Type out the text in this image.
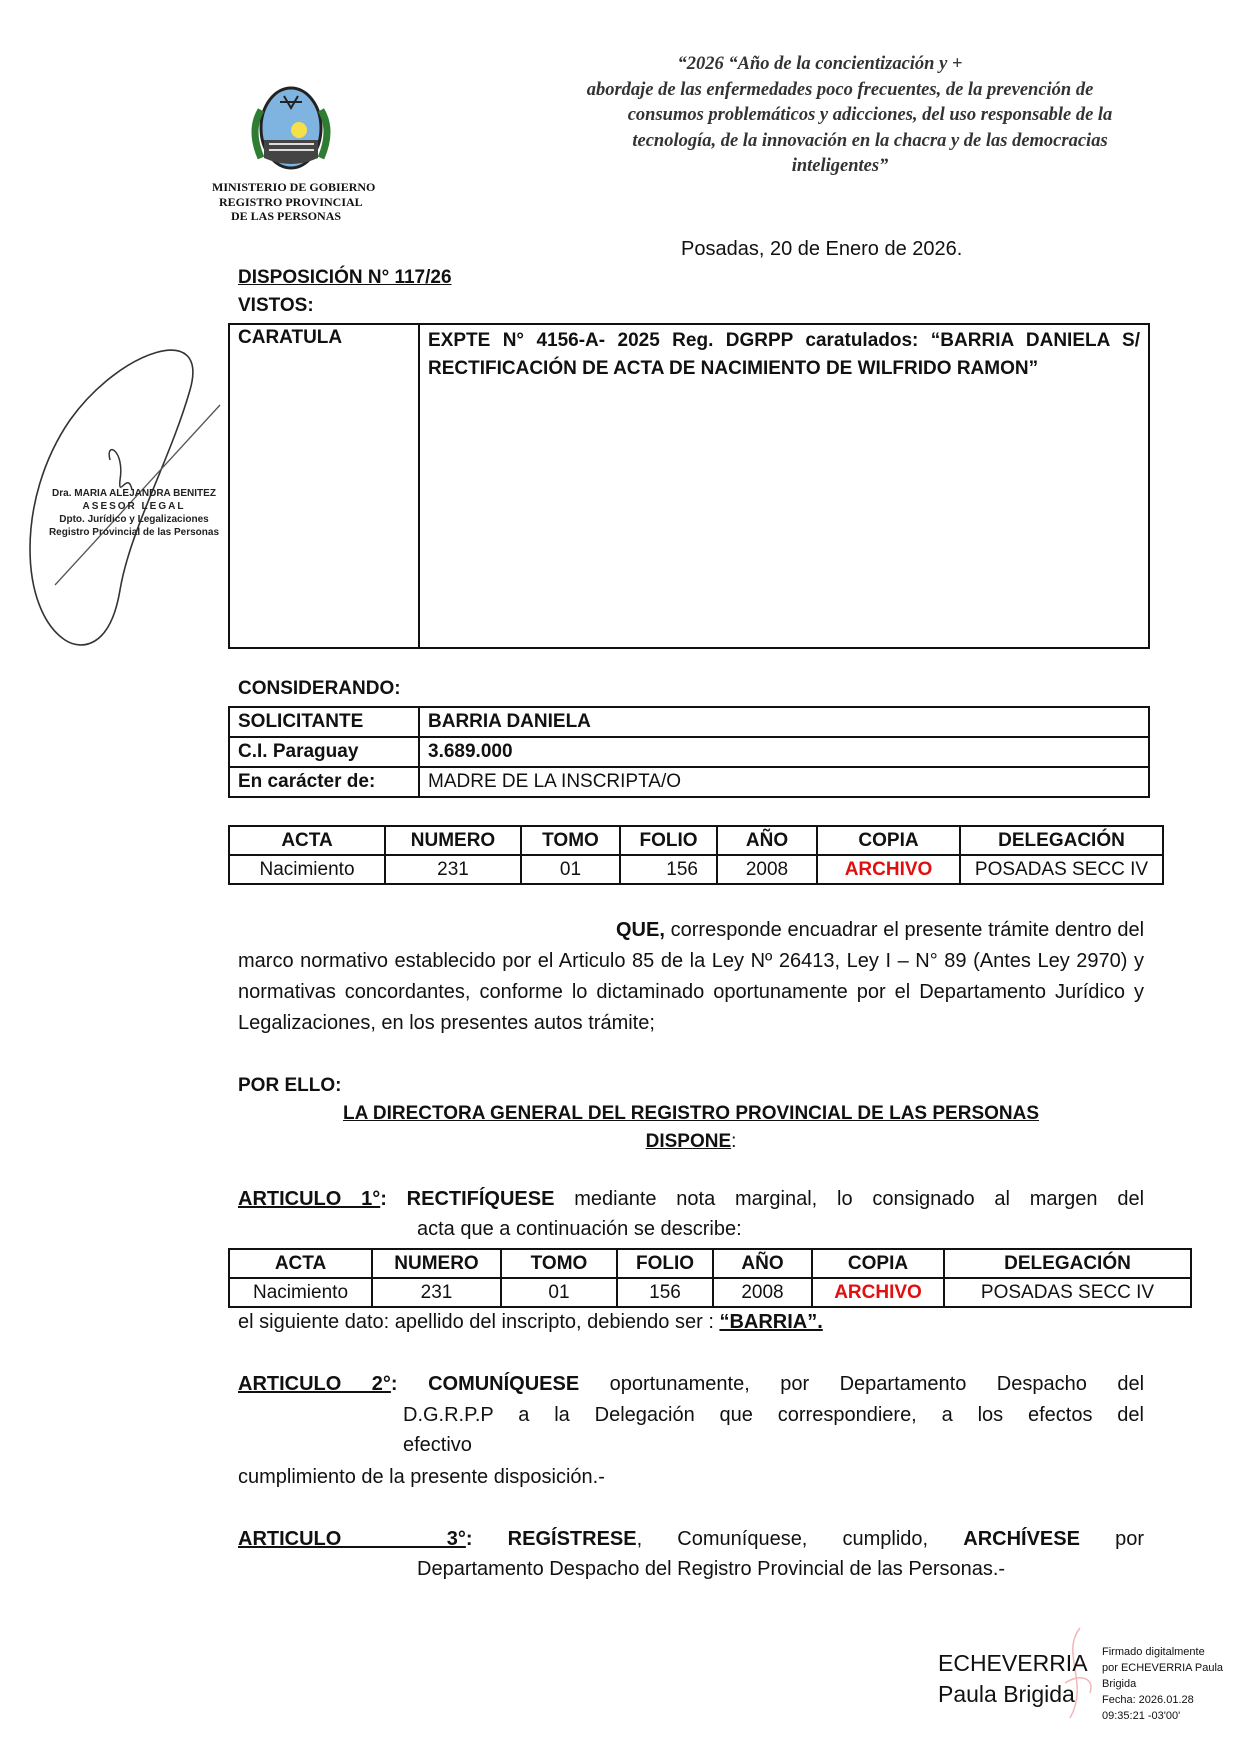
MINISTERIO DE GOBIERNO
REGISTRO PROVINCIAL
DE LAS PERSONAS
“2026 “Año de la concientización y +
abordaje de las enfermedades poco frecuentes, de la prevención de
consumos problemáticos y adicciones, del uso responsable de la
tecnología, de la innovación en la chacra y de las democracias
inteligentes”
Posadas, 20 de Enero de 2026.
DISPOSICIÓN N° 117/26
VISTOS:
CARATULA	EXPTE N° 4156-A- 2025 Reg. DGRPP caratulados: “BARRIA DANIELA S/ RECTIFICACIÓN DE ACTA DE NACIMIENTO DE WILFRIDO RAMON”
Dra. MARIA ALEJANDRA BENITEZ
ASESOR LEGAL
Dpto. Jurídico y Legalizaciones
Registro Provincial de las Personas
CONSIDERANDO:
SOLICITANTE	BARRIA DANIELA
C.I. Paraguay	3.689.000
En carácter de:	MADRE DE LA INSCRIPTA/O
ACTA	NUMERO	TOMO	FOLIO	AÑO	COPIA	DELEGACIÓN
Nacimiento	231	01	156	2008	ARCHIVO	POSADAS SECC IV
QUE, corresponde encuadrar el presente trámite dentro del marco normativo establecido por el Articulo 85 de la Ley Nº 26413, Ley I – N° 89 (Antes Ley 2970) y normativas concordantes, conforme lo dictaminado oportunamente por el Departamento Jurídico y Legalizaciones, en los presentes autos trámite;
POR ELLO:
LA DIRECTORA GENERAL DEL REGISTRO PROVINCIAL DE LAS PERSONAS
DISPONE:
ARTICULO 1°: RECTIFÍQUESE mediante nota marginal, lo consignado al margen del
acta que a continuación se describe:
ACTA	NUMERO	TOMO	FOLIO	AÑO	COPIA	DELEGACIÓN
Nacimiento	231	01	156	2008	ARCHIVO	POSADAS SECC IV
el siguiente dato: apellido del inscripto, debiendo ser : “BARRIA”.
ARTICULO 2°: COMUNÍQUESE oportunamente, por Departamento Despacho del
D.G.R.P.P a la Delegación que correspondiere, a los efectos del
efectivo
cumplimiento de la presente disposición.-
ARTICULO   3°: REGÍSTRESE, Comuníquese, cumplido, ARCHÍVESE por
Departamento Despacho del Registro Provincial de las Personas.-
ECHEVERRIA
Paula Brigida
Firmado digitalmente
por ECHEVERRIA Paula
Brigida
Fecha: 2026.01.28
09:35:21 -03'00'
